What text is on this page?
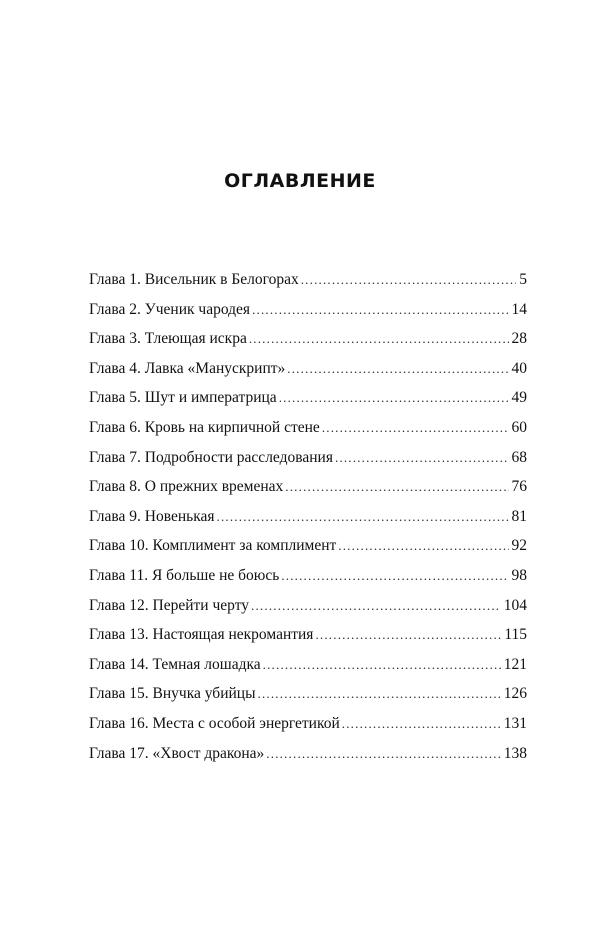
ОГЛАВЛЕНИЕ
Глава 1. Висельник в Белогорах .....	5
Глава 2. Ученик чародея .....	14
Глава 3. Тлеющая искра .....	28
Глава 4. Лавка «Манускрипт» .....	40
Глава 5. Шут и императрица .....	49
Глава 6. Кровь на кирпичной стене .....	60
Глава 7. Подробности расследования .....	68
Глава 8. О прежних временах .....	76
Глава 9. Новенькая .....	81
Глава 10. Комплимент за комплимент .....	92
Глава 11. Я больше не боюсь .....	98
Глава 12. Перейти черту .....	104
Глава 13. Настоящая некромантия .....	115
Глава 14. Темная лошадка .....	121
Глава 15. Внучка убийцы .....	126
Глава 16. Места с особой энергетикой .....	131
Глава 17. «Хвост дракона» .....	138
